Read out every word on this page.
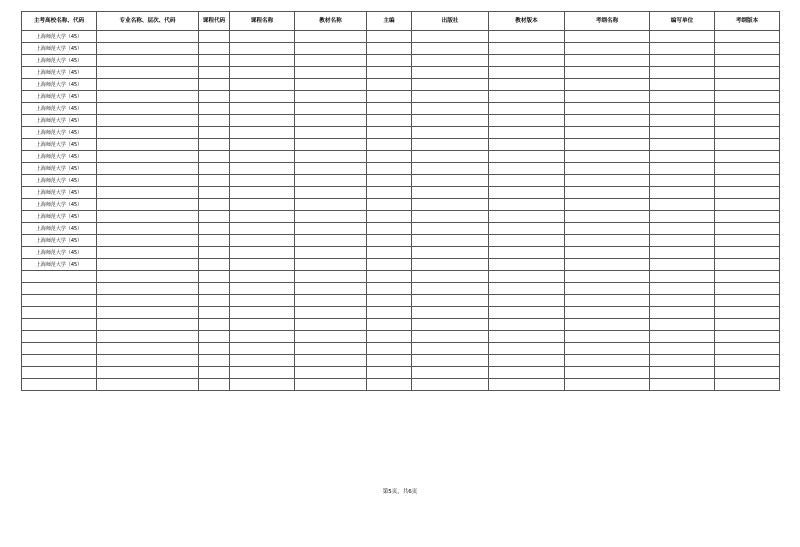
主考高校名称、代码	专业名称、层次、代码	课程代码	课程名称	教材名称	主编	出版社	教材版本	考纲名称	编写单位	考纲版本
上海师范大学（45）										
上海师范大学（45）										
上海师范大学（45）										
上海师范大学（45）										
上海师范大学（45）										
上海师范大学（45）										
上海师范大学（45）										
上海师范大学（45）										
上海师范大学（45）										
上海师范大学（45）										
上海师范大学（45）										
上海师范大学（45）										
上海师范大学（45）										
上海师范大学（45）										
上海师范大学（45）										
上海师范大学（45）										
上海师范大学（45）										
上海师范大学（45）										
上海师范大学（45）										
上海师范大学（45）										

第5页，共6页
